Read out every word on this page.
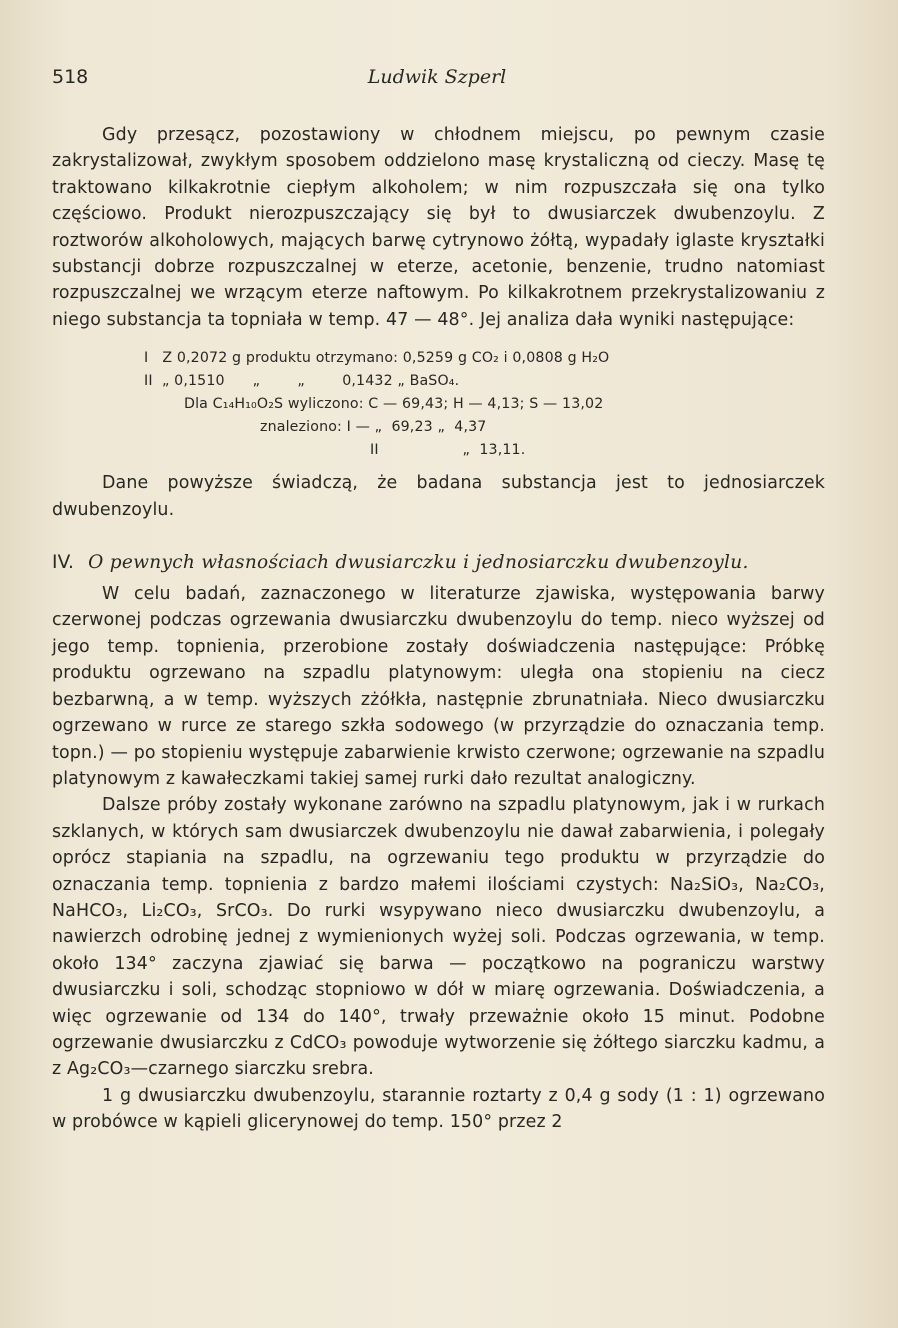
518	Ludwik Szperl

Gdy przesącz, pozostawiony w chłodnem miejscu, po pewnym czasie zakrystalizował, zwykłym sposobem oddzielono masę krystaliczną od cieczy. Masę tę traktowano kilkakrotnie ciepłym alkoholem; w nim rozpuszczała się ona tylko częściowo. Produkt nierozpuszczający się był to dwusiarczek dwubenzoylu. Z roztworów alkoholowych, mających barwę cytrynowo żółtą, wypadały iglaste kryształki substancji dobrze rozpuszczalnej w eterze, acetonie, benzenie, trudno natomiast rozpuszczalnej we wrzącym eterze naftowym. Po kilkakrotnem przekrystalizowaniu z niego substancja ta topniała w temp. 47 — 48°. Jej analiza dała wyniki następujące:

I   Z 0,2072 g produktu otrzymano: 0,5259 g CO₂ i 0,0808 g H₂O
II  „ 0,1510      „        „        0,1432 „ BaSO₄.
Dla C₁₄H₁₀O₂S wyliczono: C — 69,43; H — 4,13; S — 13,02
znaleziono: I — „  69,23 „  4,37
II                  „  13,11.

Dane powyższe świadczą, że badana substancja jest to jednosiarczek dwubenzoylu.

IV. O pewnych własnościach dwusiarczku i jednosiarczku dwubenzoylu.

W celu badań, zaznaczonego w literaturze zjawiska, występowania barwy czerwonej podczas ogrzewania dwusiarczku dwubenzoylu do temp. nieco wyższej od jego temp. topnienia, przerobione zostały doświadczenia następujące: Próbkę produktu ogrzewano na szpadlu platynowym: uległa ona stopieniu na ciecz bezbarwną, a w temp. wyższych zżółkła, następnie zbrunatniała. Nieco dwusiarczku ogrzewano w rurce ze starego szkła sodowego (w przyrządzie do oznaczania temp. topn.) — po stopieniu występuje zabarwienie krwisto czerwone; ogrzewanie na szpadlu platynowym z kawałeczkami takiej samej rurki dało rezultat analogiczny.

Dalsze próby zostały wykonane zarówno na szpadlu platynowym, jak i w rurkach szklanych, w których sam dwusiarczek dwubenzoylu nie dawał zabarwienia, i polegały oprócz stapiania na szpadlu, na ogrzewaniu tego produktu w przyrządzie do oznaczania temp. topnienia z bardzo małemi ilościami czystych: Na₂SiO₃, Na₂CO₃, NaHCO₃, Li₂CO₃, SrCO₃. Do rurki wsypywano nieco dwusiarczku dwubenzoylu, a nawierzch odrobinę jednej z wymienionych wyżej soli. Podczas ogrzewania, w temp. około 134° zaczyna zjawiać się barwa — początkowo na pograniczu warstwy dwusiarczku i soli, schodząc stopniowo w dół w miarę ogrzewania. Doświadczenia, a więc ogrzewanie od 134 do 140°, trwały przeważnie około 15 minut. Podobne ogrzewanie dwusiarczku z CdCO₃ powoduje wytworzenie się żółtego siarczku kadmu, a z Ag₂CO₃—czarnego siarczku srebra.

1 g dwusiarczku dwubenzoylu, starannie roztarty z 0,4 g sody (1 : 1) ogrzewano w probówce w kąpieli glicerynowej do temp. 150° przez 2
